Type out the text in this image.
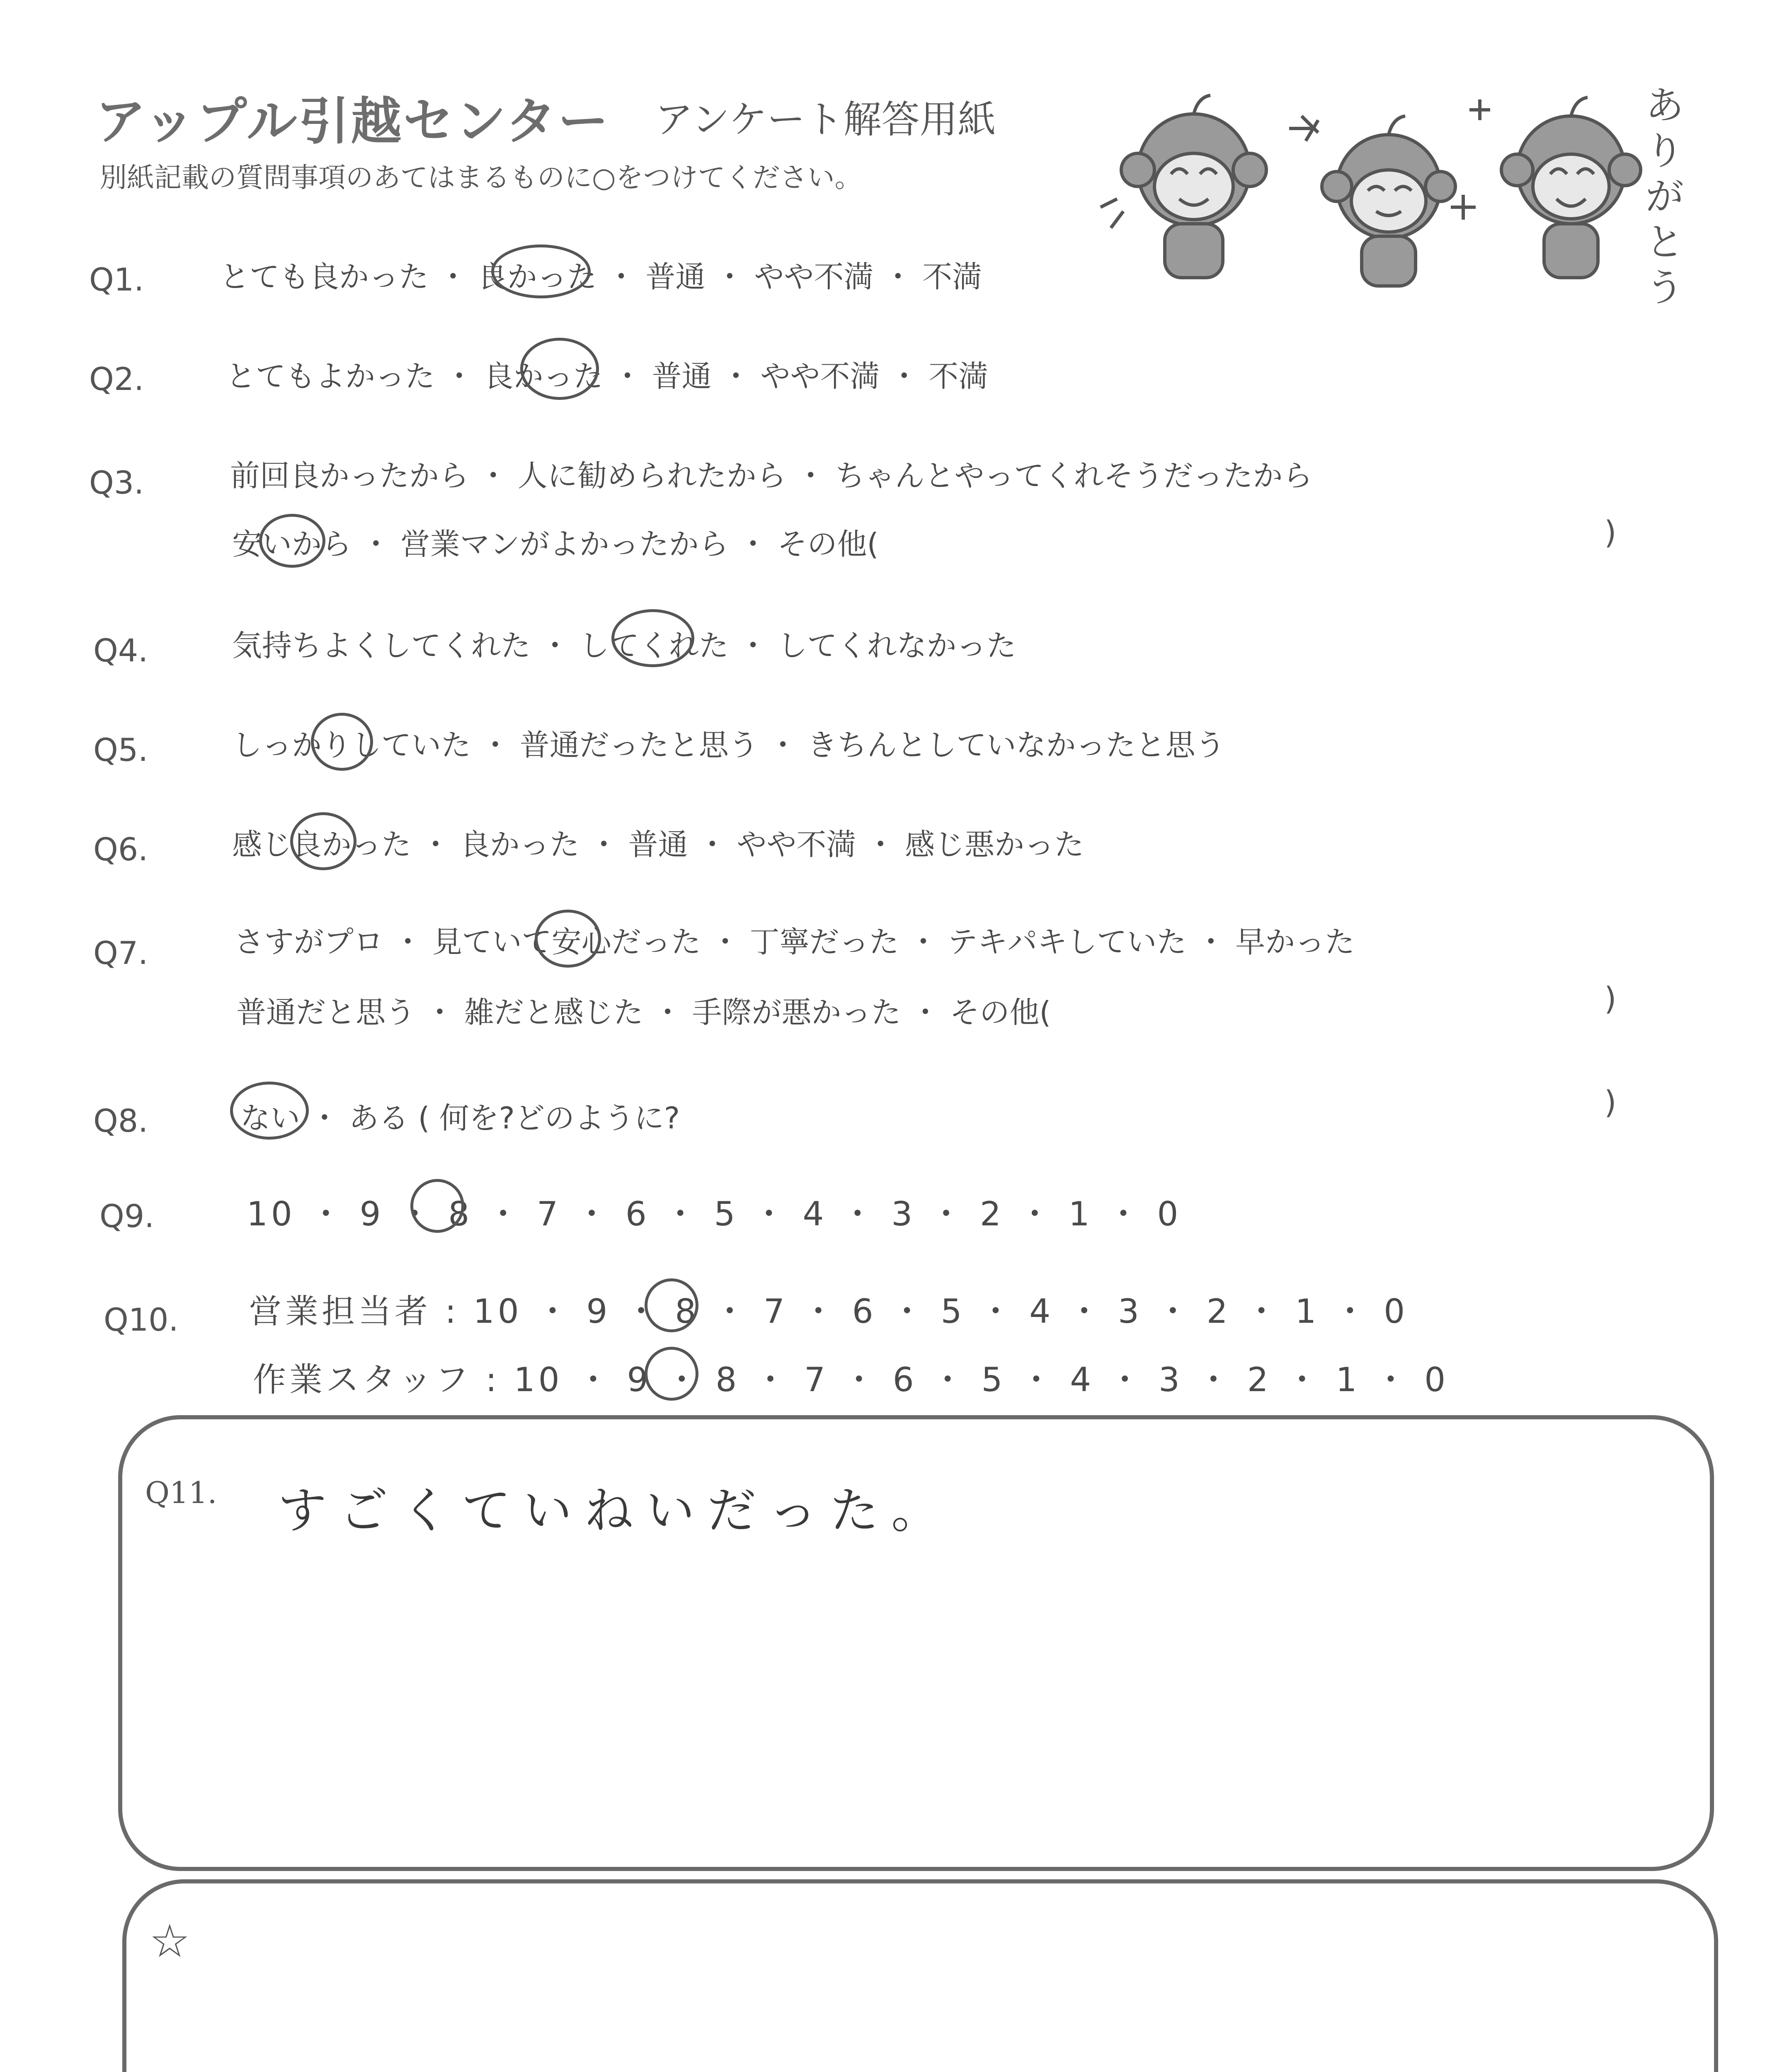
アップル引越センター アンケート解答用紙
別紙記載の質問事項のあてはまるものに○をつけてください。
ありがとう
Q1.	とても良かった ・ 良かった ・ 普通 ・ やや不満 ・ 不満
Q2.	とてもよかった ・ 良かった ・ 普通 ・ やや不満 ・ 不満
Q3.	前回良かったから ・ 人に勧められたから ・ ちゃんとやってくれそうだったから
安いから ・ 営業マンがよかったから ・ その他(	)
Q4.	気持ちよくしてくれた ・ してくれた ・ してくれなかった
Q5.	しっかりしていた ・ 普通だったと思う ・ きちんとしていなかったと思う
Q6.	感じ良かった ・ 良かった ・ 普通 ・ やや不満 ・ 感じ悪かった
Q7.	さすがプロ ・ 見ていて安心だった ・ 丁寧だった ・ テキパキしていた ・ 早かった
普通だと思う ・ 雑だと感じた ・ 手際が悪かった ・ その他(	)
Q8.	ない ・ ある ( 何を?どのように?	)
Q9.	10 ・ 9 ・ 8 ・ 7 ・ 6 ・ 5 ・ 4 ・ 3 ・ 2 ・ 1 ・ 0
Q10. 営業担当者 : 10 ・ 9 ・ 8 ・ 7 ・ 6 ・ 5 ・ 4 ・ 3 ・ 2 ・ 1 ・ 0
作業スタッフ : 10 ・ 9 ・ 8 ・ 7 ・ 6 ・ 5 ・ 4 ・ 3 ・ 2 ・ 1 ・ 0
Q11. すごくていねいだった。
☆
